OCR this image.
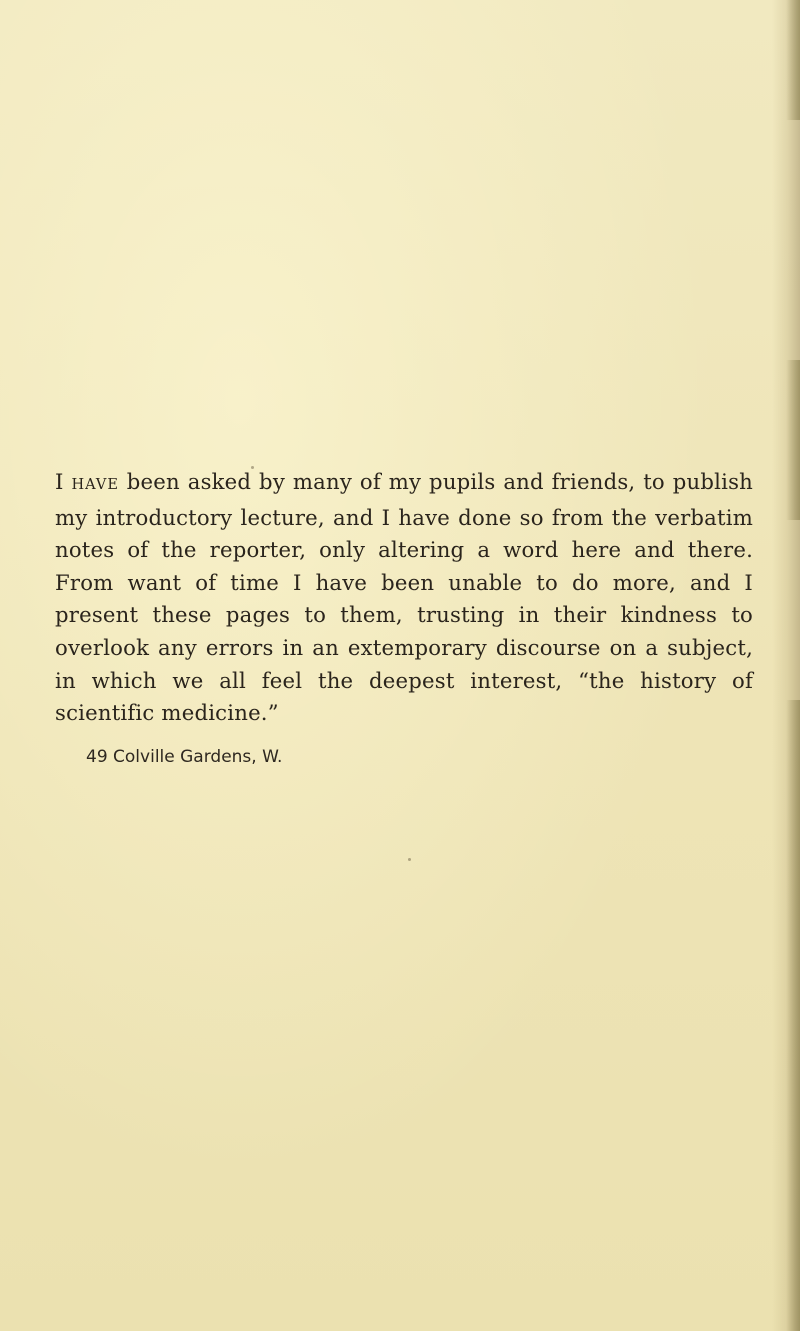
I HAVE been asked by many of my pupils and friends, to publish my introductory lecture, and I have done so from the verbatim notes of the reporter, only altering a word here and there. From want of time I have been unable to do more, and I present these pages to them, trusting in their kindness to overlook any errors in an extemporary discourse on a subject, in which we all feel the deepest interest, “the history of scientific medicine.”

49 Colville Gardens, W.
